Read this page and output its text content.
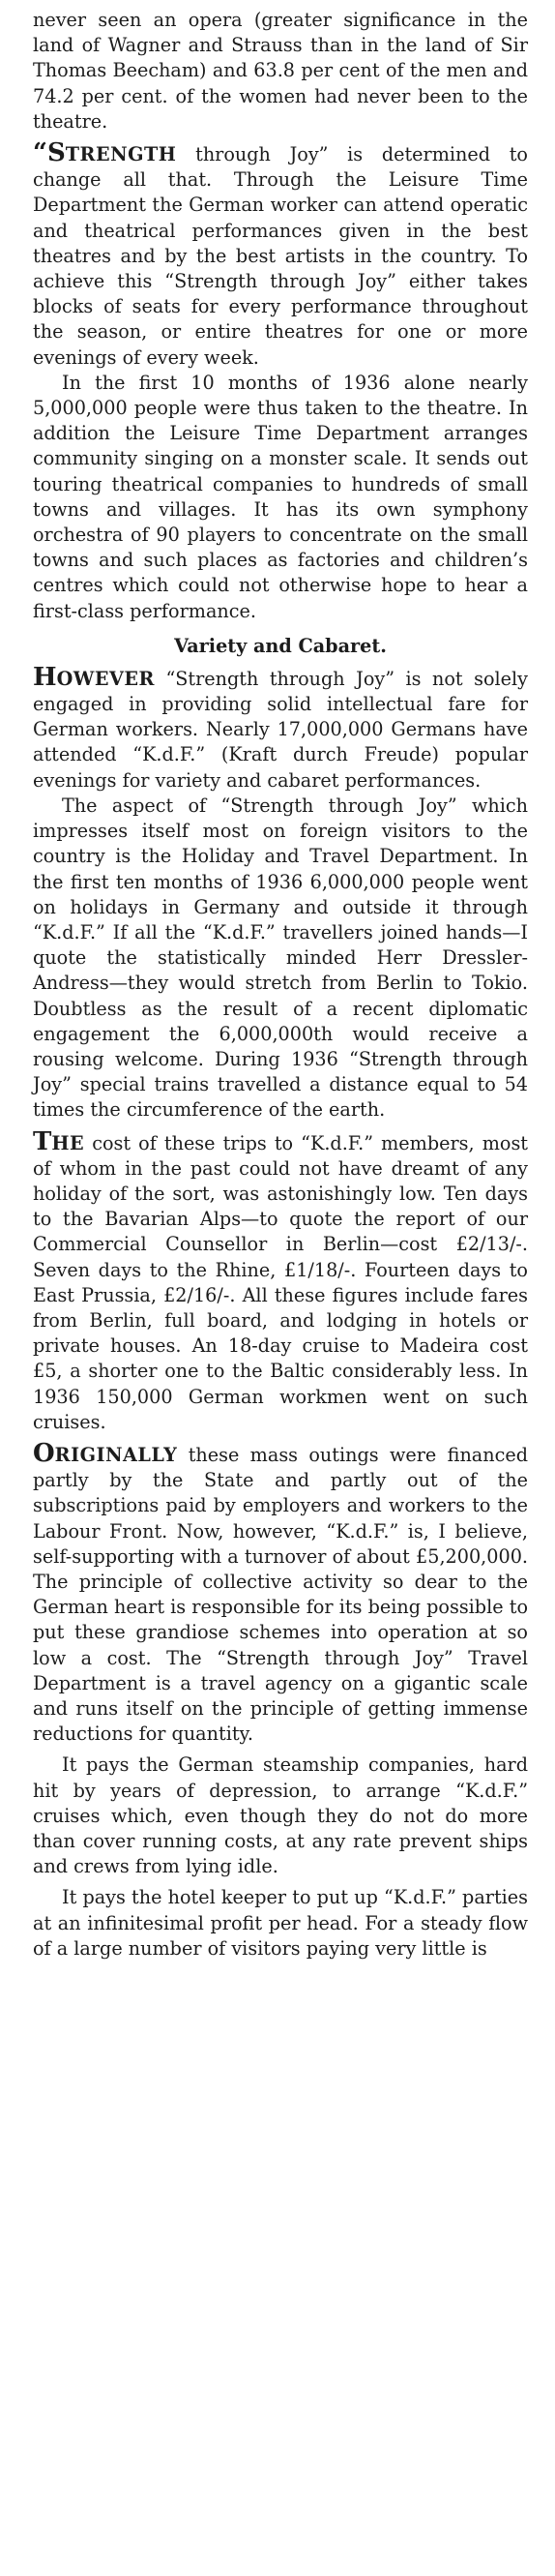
never seen an opera (greater significance in the land of Wagner and Strauss than in the land of Sir Thomas Beecham) and 63.8 per cent of the men and 74.2 per cent. of the women had never been to the theatre.

“STRENGTH through Joy” is determined to change all that. Through the Leisure Time Department the German worker can attend operatic and theatrical performances given in the best theatres and by the best artists in the country. To achieve this “Strength through Joy” either takes blocks of seats for every performance throughout the season, or entire theatres for one or more evenings of every week.

In the first 10 months of 1936 alone nearly 5,000,000 people were thus taken to the theatre. In addition the Leisure Time Department arranges community singing on a monster scale. It sends out touring theatrical companies to hundreds of small towns and villages. It has its own symphony orchestra of 90 players to concentrate on the small towns and such places as factories and children’s centres which could not otherwise hope to hear a first-class performance.

Variety and Cabaret.

HOWEVER “Strength through Joy” is not solely engaged in providing solid intellectual fare for German workers. Nearly 17,000,000 Germans have attended “K.d.F.” (Kraft durch Freude) popular evenings for variety and cabaret performances.

The aspect of “Strength through Joy” which impresses itself most on foreign visitors to the country is the Holiday and Travel Department. In the first ten months of 1936 6,000,000 people went on holidays in Germany and outside it through “K.d.F.” If all the “K.d.F.” travellers joined hands—I quote the statistically minded Herr Dressler-Andress—they would stretch from Berlin to Tokio. Doubtless as the result of a recent diplomatic engagement the 6,000,000th would receive a rousing welcome. During 1936 “Strength through Joy” special trains travelled a distance equal to 54 times the circumference of the earth.

THE cost of these trips to “K.d.F.” members, most of whom in the past could not have dreamt of any holiday of the sort, was astonishingly low. Ten days to the Bavarian Alps—to quote the report of our Commercial Counsellor in Berlin—cost £2/13/-. Seven days to the Rhine, £1/18/-. Fourteen days to East Prussia, £2/16/-. All these figures include fares from Berlin, full board, and lodging in hotels or private houses. An 18-day cruise to Madeira cost £5, a shorter one to the Baltic considerably less. In 1936 150,000 German workmen went on such cruises.

ORIGINALLY these mass outings were financed partly by the State and partly out of the subscriptions paid by employers and workers to the Labour Front. Now, however, “K.d.F.” is, I believe, self-supporting with a turnover of about £5,200,000. The principle of collective activity so dear to the German heart is responsible for its being possible to put these grandiose schemes into operation at so low a cost. The “Strength through Joy” Travel Department is a travel agency on a gigantic scale and runs itself on the principle of getting immense reductions for quantity.

It pays the German steamship companies, hard hit by years of depression, to arrange “K.d.F.” cruises which, even though they do not do more than cover running costs, at any rate prevent ships and crews from lying idle.

It pays the hotel keeper to put up “K.d.F.” parties at an infinitesimal profit per head. For a steady flow of a large number of visitors paying very little is
